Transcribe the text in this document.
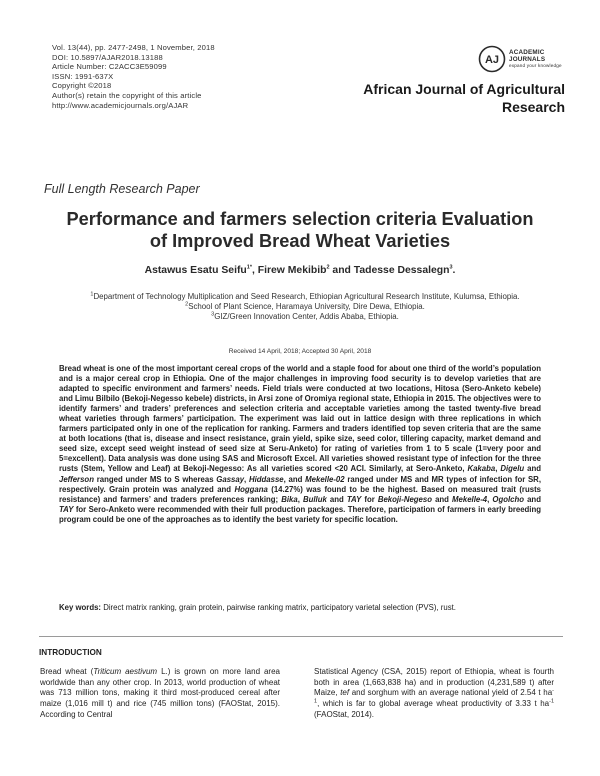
Vol. 13(44), pp. 2477-2498, 1 November, 2018
DOI: 10.5897/AJAR2018.13188
Article Number: C2ACC3E59099
ISSN: 1991-637X
Copyright ©2018
Author(s) retain the copyright of this article
http://www.academicjournals.org/AJAR
AJ
ACADEMIC
JOURNALS
expand your knowledge
African Journal of Agricultural
Research
Full Length Research Paper
Performance and farmers selection criteria Evaluation
of Improved Bread Wheat Varieties
Astawus Esatu Seifu$^{1*}$, Firew Mekibib$^2$ and Tadesse Dessalegn$^3$.
$^1$Department of Technology Multiplication and Seed Research, Ethiopian Agricultural Research Institute, Kulumsa, Ethiopia.
$^2$School of Plant Science, Haramaya University, Dire Dewa, Ethiopia.
$^3$GIZ/Green Innovation Center, Addis Ababa, Ethiopia.
Received 14 April, 2018; Accepted 30 April, 2018
Bread wheat is one of the most important cereal crops of the world and a staple food for about one third of the world’s population and is a major cereal crop in Ethiopia. One of the major challenges in improving food security is to develop varieties that are adapted to specific environment and farmers’ needs. Field trials were conducted at two locations, Hitosa (Sero-Anketo kebele) and Limu Bilbilo (Bekoji-Negesso kebele) districts, in Arsi zone of Oromiya regional state, Ethiopia in 2015. The objectives were to identify farmers’ and traders’ preferences and selection criteria and acceptable varieties among the tasted twenty-five bread wheat varieties through farmers’ participation. The experiment was laid out in lattice design with three replications in which farmers participated only in one of the replication for ranking. Farmers and traders identified top seven criteria that are the same at both locations (that is, disease and insect resistance, grain yield, spike size, seed color, tillering capacity, market demand and seed size, except seed weight instead of seed size at Seru-Anketo) for rating of varieties from 1 to 5 scale (1=very poor and 5=excellent). Data analysis was done using SAS and Microsoft Excel. All varieties showed resistant type of infection for the three rusts (Stem, Yellow and Leaf) at Bekoji-Negesso: As all varieties scored <20 ACI. Similarly, at Sero-Anketo, Kakaba, Digelu and Jefferson ranged under MS to S whereas Gassay, Hiddasse, and Mekelle-02 ranged under MS and MR types of infection for SR, respectively. Grain protein was analyzed and Hoggana (14.27%) was found to be the highest. Based on measured trait (rusts resistance) and farmers’ and traders preferences ranking; Bika, Bulluk and TAY for Bekoji-Negeso and Mekelle-4, Ogolcho and TAY for Sero-Anketo were recommended with their full production packages. Therefore, participation of farmers in early breeding program could be one of the approaches as to identify the best variety for specific location.
Key words: Direct matrix ranking, grain protein, pairwise ranking matrix, participatory varietal selection (PVS), rust.
INTRODUCTION
Bread wheat (Triticum aestivum L.) is grown on more land area worldwide than any other crop. In 2013, world production of wheat was 713 million tons, making it third most-produced cereal after maize (1,016 mill t) and rice (745 million tons) (FAOStat, 2015). According to Central
Statistical Agency (CSA, 2015) report of Ethiopia, wheat is fourth both in area (1,663,838 ha) and in production (4,231,589 t) after Maize, tef and sorghum with an average national yield of 2.54 t $ha^{-1}$, which is far to global average wheat productivity of 3.33 t $ha^{-1}$ (FAOStat, 2014).
